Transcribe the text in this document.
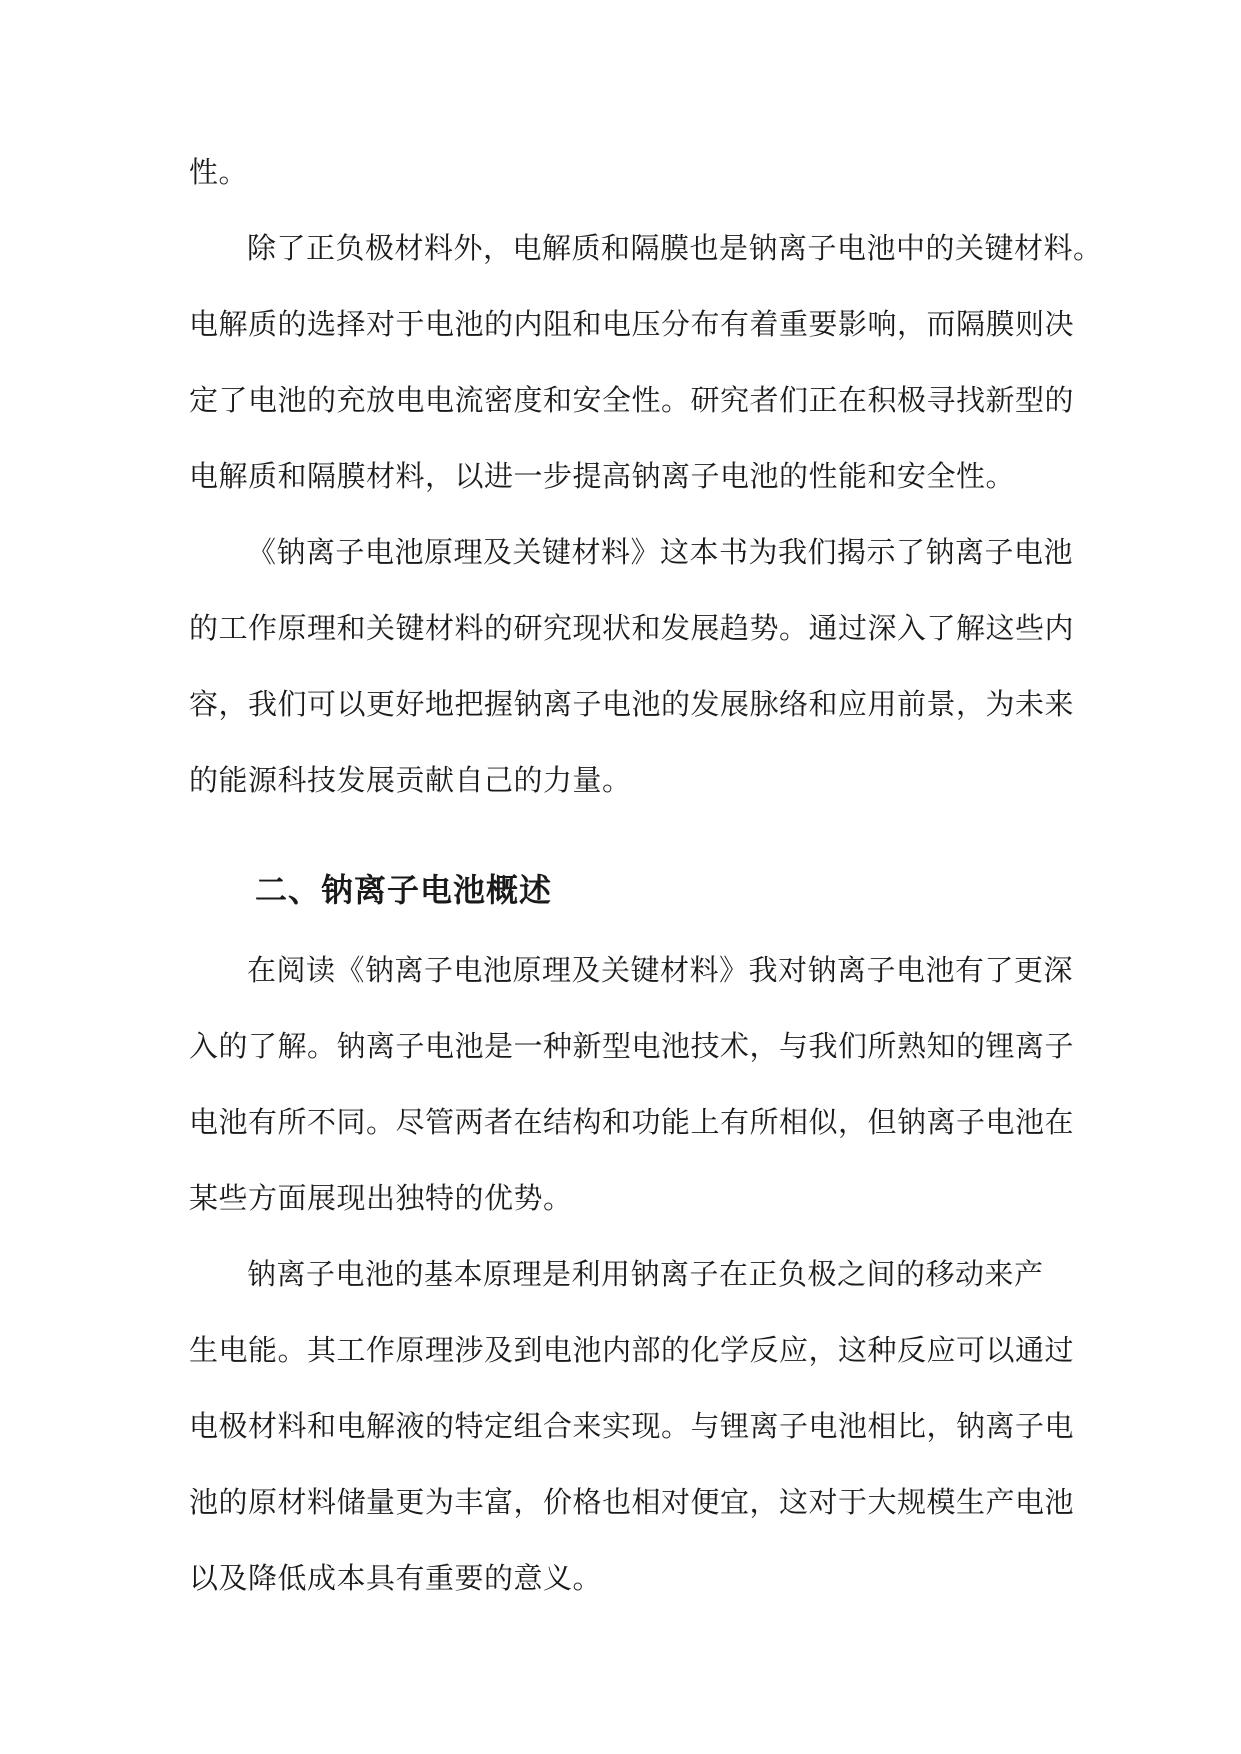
性。
除了正负极材料外，电解质和隔膜也是钠离子电池中的关键材料。
电解质的选择对于电池的内阻和电压分布有着重要影响，而隔膜则决
定了电池的充放电电流密度和安全性。研究者们正在积极寻找新型的
电解质和隔膜材料，以进一步提高钠离子电池的性能和安全性。
《钠离子电池原理及关键材料》这本书为我们揭示了钠离子电池
的工作原理和关键材料的研究现状和发展趋势。通过深入了解这些内
容，我们可以更好地把握钠离子电池的发展脉络和应用前景，为未来
的能源科技发展贡献自己的力量。
二、钠离子电池概述
在阅读《钠离子电池原理及关键材料》我对钠离子电池有了更深
入的了解。钠离子电池是一种新型电池技术，与我们所熟知的锂离子
电池有所不同。尽管两者在结构和功能上有所相似，但钠离子电池在
某些方面展现出独特的优势。
钠离子电池的基本原理是利用钠离子在正负极之间的移动来产
生电能。其工作原理涉及到电池内部的化学反应，这种反应可以通过
电极材料和电解液的特定组合来实现。与锂离子电池相比，钠离子电
池的原材料储量更为丰富，价格也相对便宜，这对于大规模生产电池
以及降低成本具有重要的意义。
